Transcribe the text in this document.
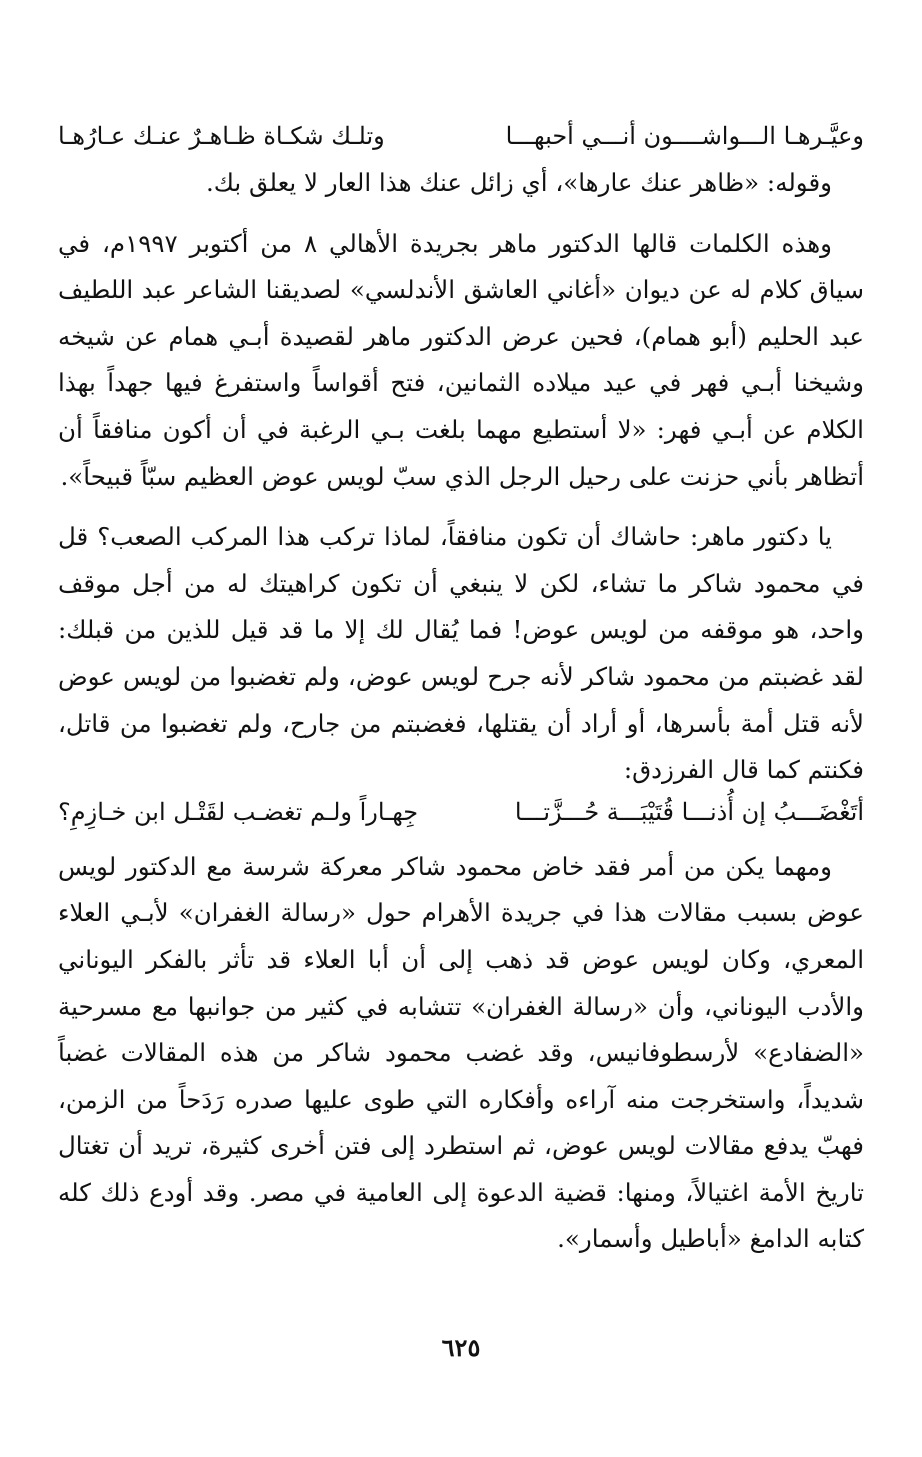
وعيَّـرهـا الـــواشــــون أنـــي أحبهـــا
وتلـك شكـاة ظـاهـرٌ عنـك عـارُهـا

وقوله: «ظاهر عنك عارها»، أي زائل عنك هذا العار لا يعلق بك.

وهذه الكلمات قالها الدكتور ماهر بجريدة الأهالي ٨ من أكتوبر ١٩٩٧م، في سياق كلام له عن ديوان «أغاني العاشق الأندلسي» لصديقنا الشاعر عبد اللطيف عبد الحليم (أبو همام)، فحين عرض الدكتور ماهر لقصيدة أبـي همام عن شيخه وشيخنا أبـي فهر في عيد ميلاده الثمانين، فتح أقواساً واستفرغ فيها جهداً بهذا الكلام عن أبـي فهر: «لا أستطيع مهما بلغت بـي الرغبة في أن أكون منافقاً أن أتظاهر بأني حزنت على رحيل الرجل الذي سبّ لويس عوض العظيم سبّاً قبيحاً».

يا دكتور ماهر: حاشاك أن تكون منافقاً، لماذا تركب هذا المركب الصعب؟ قل في محمود شاكر ما تشاء، لكن لا ينبغي أن تكون كراهيتك له من أجل موقف واحد، هو موقفه من لويس عوض! فما يُقال لك إلا ما قد قيل للذين من قبلك: لقد غضبتم من محمود شاكر لأنه جرح لويس عوض، ولم تغضبوا من لويس عوض لأنه قتل أمة بأسرها، أو أراد أن يقتلها، فغضبتم من جارح، ولم تغضبوا من قاتل، فكنتم كما قال الفرزدق:

أتَغْضَـــبُ إن أُذنـــا قُتَيْبَـــة حُـــزَّتـــا
جِهـاراً ولـم تغضـب لقَتْـل ابن خـازِمِ؟

ومهما يكن من أمر فقد خاض محمود شاكر معركة شرسة مع الدكتور لويس عوض بسبب مقالات هذا في جريدة الأهرام حول «رسالة الغفران» لأبـي العلاء المعري، وكان لويس عوض قد ذهب إلى أن أبا العلاء قد تأثر بالفكر اليوناني والأدب اليوناني، وأن «رسالة الغفران» تتشابه في كثير من جوانبها مع مسرحية «الضفادع» لأرسطوفانيس، وقد غضب محمود شاكر من هذه المقالات غضباً شديداً، واستخرجت منه آراءه وأفكاره التي طوى عليها صدره رَدَحاً من الزمن، فهبّ يدفع مقالات لويس عوض، ثم استطرد إلى فتن أخرى كثيرة، تريد أن تغتال تاريخ الأمة اغتيالاً، ومنها: قضية الدعوة إلى العامية في مصر. وقد أودع ذلك كله كتابه الدامغ «أباطيل وأسمار».

٦٢٥
